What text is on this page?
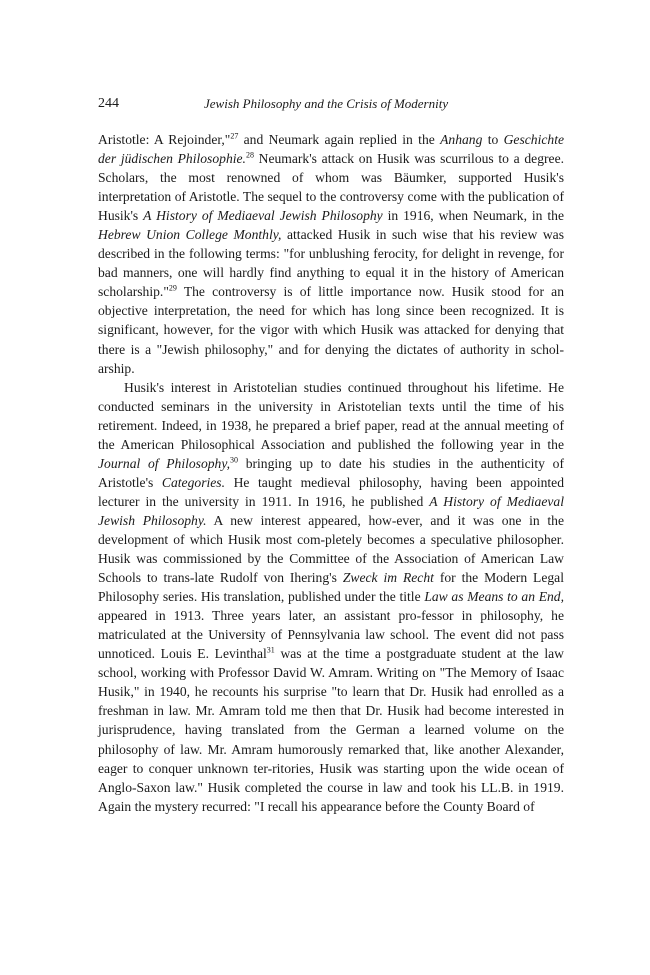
244	Jewish Philosophy and the Crisis of Modernity

Aristotle: A Rejoinder,"$^{27}$ and Neumark again replied in the Anhang to Geschichte der jüdischen Philosophie.$^{28}$ Neumark's attack on Husik was scurrilous to a degree. Scholars, the most renowned of whom was Bäumker, supported Husik's interpretation of Aristotle. The sequel to the controversy come with the publication of Husik's A History of Mediaeval Jewish Philosophy in 1916, when Neumark, in the Hebrew Union College Monthly, attacked Husik in such wise that his review was described in the following terms: "for unblushing ferocity, for delight in revenge, for bad manners, one will hardly find anything to equal it in the history of American scholarship."$^{29}$ The controversy is of little importance now. Husik stood for an objective interpretation, the need for which has long since been recognized. It is significant, however, for the vigor with which Husik was attacked for denying that there is a "Jewish philosophy," and for denying the dictates of authority in schol-arship.

Husik's interest in Aristotelian studies continued throughout his lifetime. He conducted seminars in the university in Aristotelian texts until the time of his retirement. Indeed, in 1938, he prepared a brief paper, read at the annual meeting of the American Philosophical Association and published the following year in the Journal of Philosophy,$^{30}$ bringing up to date his studies in the authenticity of Aristotle's Categories. He taught medieval philosophy, having been appointed lecturer in the university in 1911. In 1916, he published A History of Mediaeval Jewish Philosophy. A new interest appeared, how-ever, and it was one in the development of which Husik most com-pletely becomes a speculative philosopher. Husik was commissioned by the Committee of the Association of American Law Schools to trans-late Rudolf von Ihering's Zweck im Recht for the Modern Legal Philosophy series. His translation, published under the title Law as Means to an End, appeared in 1913. Three years later, an assistant pro-fessor in philosophy, he matriculated at the University of Pennsylvania law school. The event did not pass unnoticed. Louis E. Levinthal$^{31}$ was at the time a postgraduate student at the law school, working with Professor David W. Amram. Writing on "The Memory of Isaac Husik," in 1940, he recounts his surprise "to learn that Dr. Husik had enrolled as a freshman in law. Mr. Amram told me then that Dr. Husik had become interested in jurisprudence, having translated from the German a learned volume on the philosophy of law. Mr. Amram humorously remarked that, like another Alexander, eager to conquer unknown ter-ritories, Husik was starting upon the wide ocean of Anglo-Saxon law." Husik completed the course in law and took his LL.B. in 1919. Again the mystery recurred: "I recall his appearance before the County Board of
